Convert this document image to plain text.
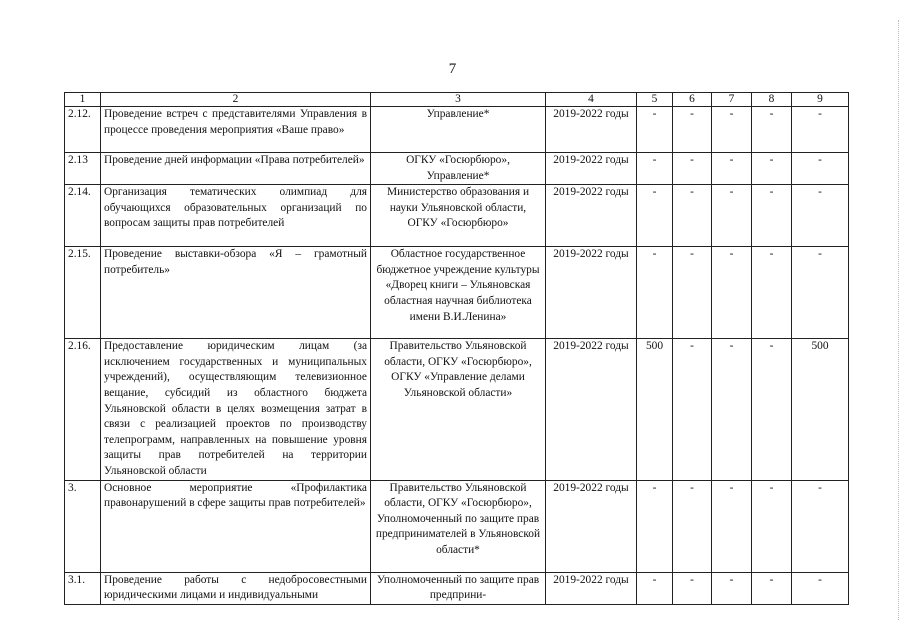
7
1	2	3	4	5	6	7	8	9
2.12.	Проведение встреч с представителями Управления в процессе проведения мероприятия «Ваше право»	Управление*	2019-2022 годы	-	-	-	-	-
2.13	Проведение дней информации «Права потребителей»	ОГКУ «Госюрбюро», Управление*	2019-2022 годы	-	-	-	-	-
2.14.	Организация тематических олимпиад для обучающихся образовательных организаций по вопросам защиты прав потребителей	Министерство образования и науки Ульяновской области, ОГКУ «Госюрбюро»	2019-2022 годы	-	-	-	-	-
2.15.	Проведение выставки-обзора «Я – грамотный потребитель»	Областное государственное бюджетное учреждение культуры «Дворец книги – Ульяновская областная научная библиотека имени В.И.Ленина»	2019-2022 годы	-	-	-	-	-
2.16.	Предоставление юридическим лицам (за исключением государственных и муниципальных учреждений), осуществляющим телевизионное вещание, субсидий из областного бюджета Ульяновской области в целях возмещения затрат в связи с реализацией проектов по производству телепрограмм, направленных на повышение уровня защиты прав потребителей на территории Ульяновской области	Правительство Ульяновской области, ОГКУ «Госюрбюро», ОГКУ «Управление делами Ульяновской области»	2019-2022 годы	500	-	-	-	500
3.	Основное мероприятие «Профилактика правонарушений в сфере защиты прав потребителей»	Правительство Ульяновской области, ОГКУ «Госюрбюро», Уполномоченный по защите прав предпринимателей в Ульяновской области*	2019-2022 годы	-	-	-	-	-
3.1.	Проведение работы с недобросовестными юридическими лицами и индивидуальными	Уполномоченный по защите прав предприни-	2019-2022 годы	-	-	-	-	-
